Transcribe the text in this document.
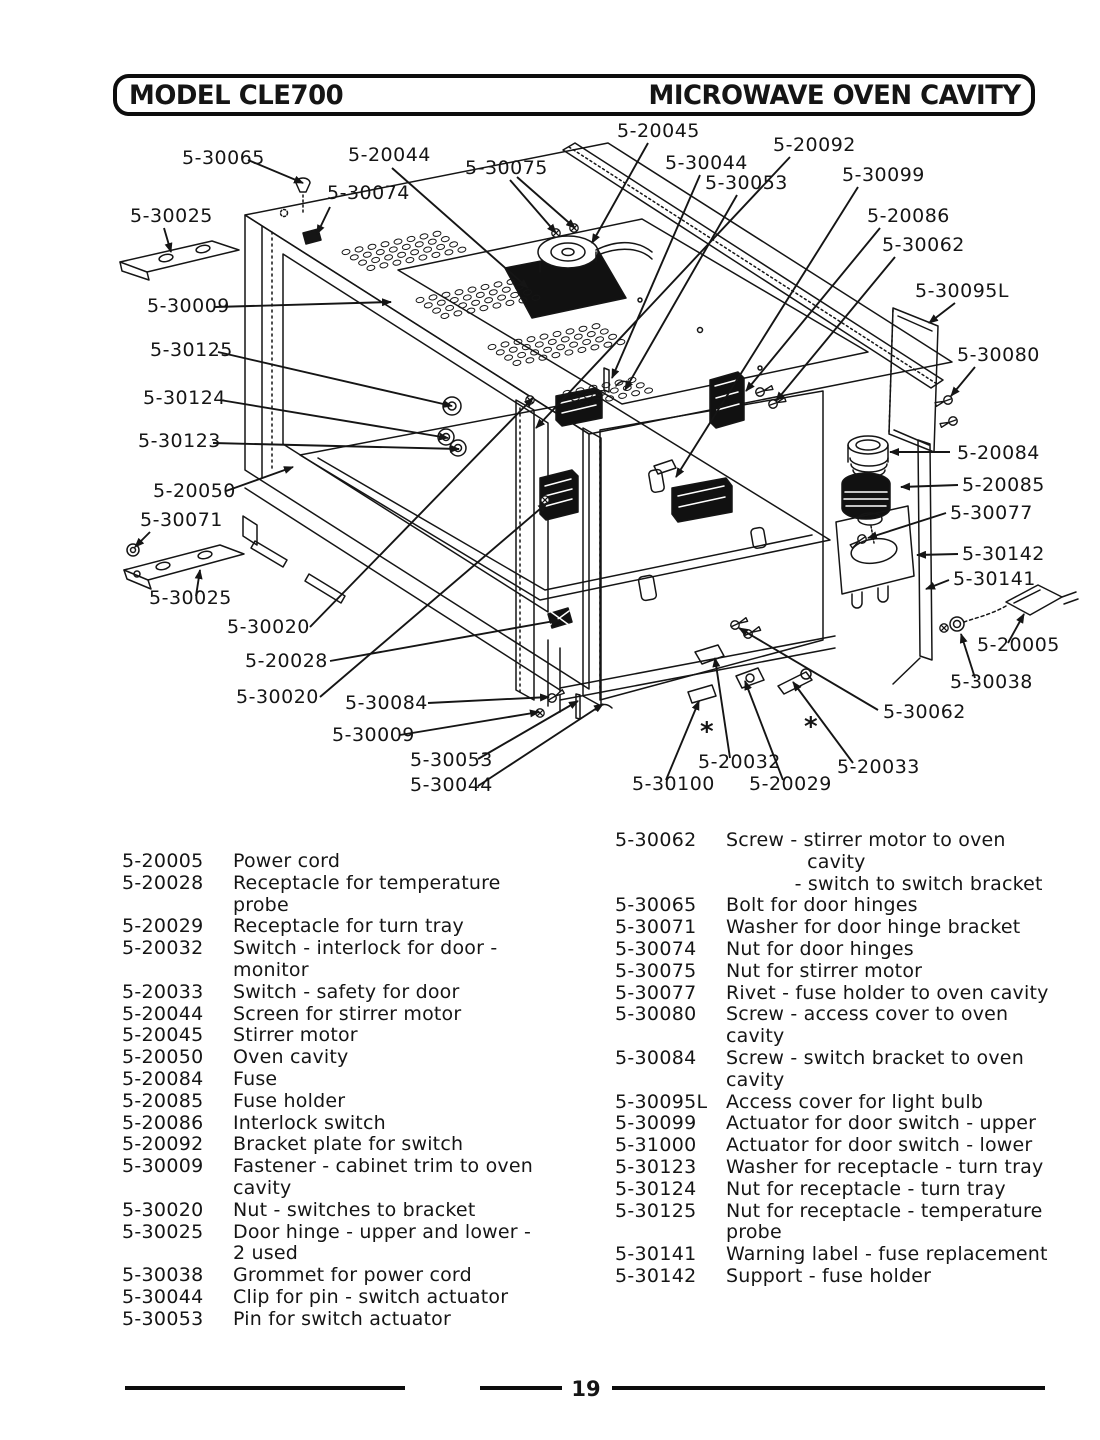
MODEL CLE700	MICROWAVE OVEN CAVITY
5-30065	5-20044
5-30075
5-20045
5-30044
5-30053
5-20092
5-30099
5-20086
5-30062
5-30095L
5-30025
5-30009
5-30125
5-30124
5-30123
5-30080
5-20084
5-20050	5-20085
5-30071	5-30077
5-30142
5-30141
5-30025
5-30020
5-20028
5-30020 5-30084
5-30009
5-30053
5-30044	5-30100 5-20029
5-20032	5-20033
5-30062
5-20005
5-30038
5-30074
*	*
5-20005	Power cord
5-20028	Receptacle for temperature
probe
5-20029	Receptacle for turn tray
5-20032	Switch - interlock for door -
monitor
5-20033	Switch - safety for door
5-20044	Screen for stirrer motor
5-20045	Stirrer motor
5-20050	Oven cavity
5-20084	Fuse
5-20085	Fuse holder
5-20086	Interlock switch
5-20092	Bracket plate for switch
5-30009	Fastener - cabinet trim to oven
cavity
5-30020	Nut - switches to bracket
5-30025	Door hinge - upper and lower -
2 used
5-30038	Grommet for power cord
5-30044	Clip for pin - switch actuator
5-30053	Pin for switch actuator
5-30062	Screw - stirrer motor to oven
cavity
- switch to switch bracket
5-30065	Bolt for door hinges
5-30071	Washer for door hinge bracket
5-30074	Nut for door hinges
5-30075	Nut for stirrer motor
5-30077	Rivet - fuse holder to oven cavity
5-30080	Screw - access cover to oven
cavity
5-30084	Screw - switch bracket to oven
cavity
5-30095L Access cover for light bulb
5-30099	Actuator for door switch - upper
5-31000	Actuator for door switch - lower
5-30123	Washer for receptacle - turn tray
5-30124	Nut for receptacle - turn tray
5-30125	Nut for receptacle - temperature
probe
5-30141	Warning label - fuse replacement
5-30142	Support - fuse holder
19
